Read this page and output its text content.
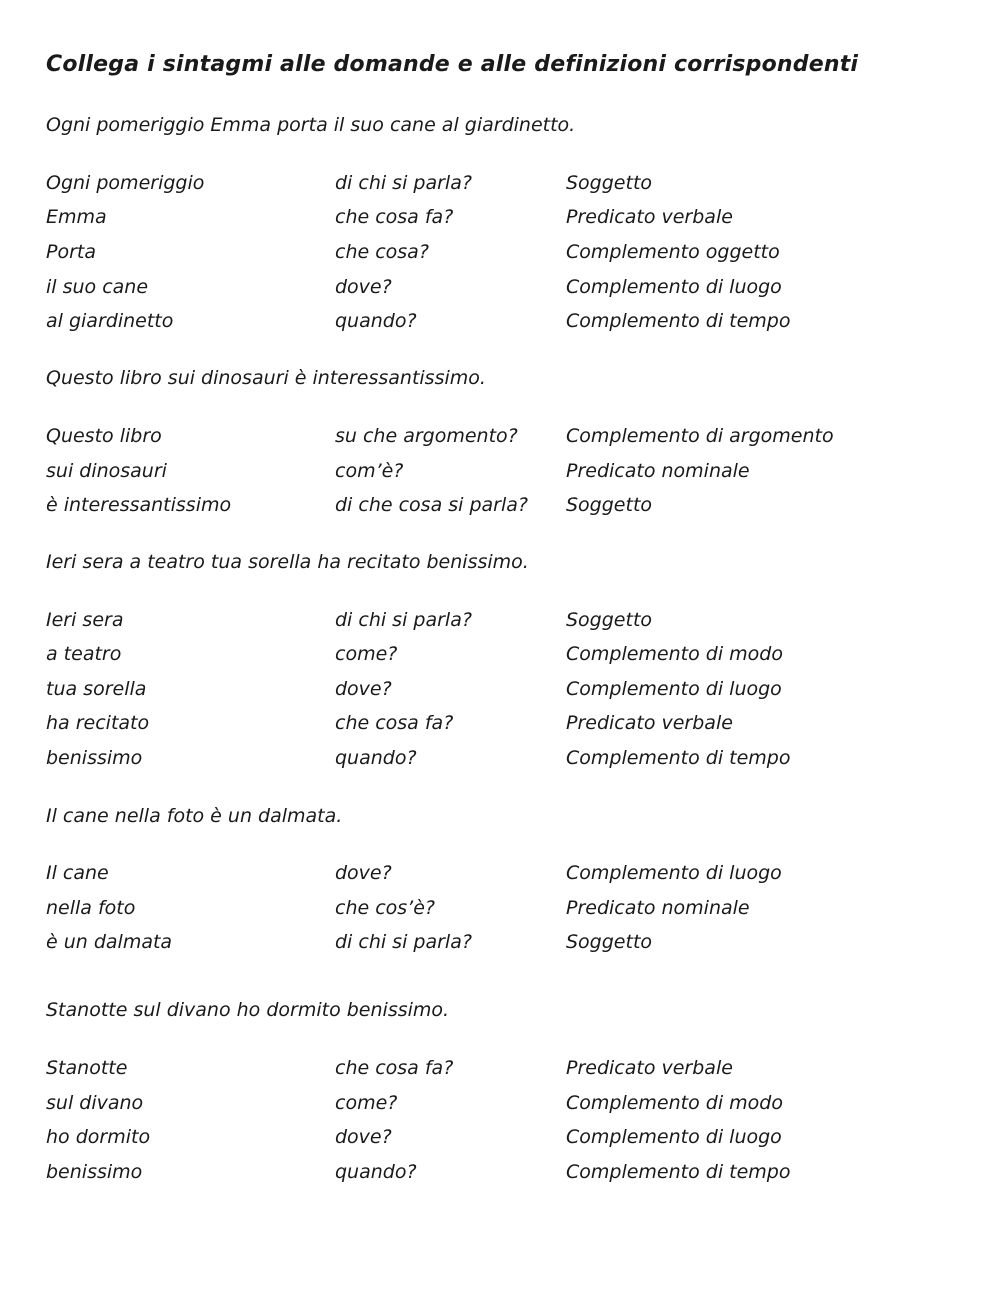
Collega i sintagmi alle domande e alle definizioni corrispondenti
Ogni pomeriggio Emma porta il suo cane al giardinetto.
Ogni pomeriggio	di chi si parla?	Soggetto
Emma	che cosa fa?	Predicato verbale
Porta	che cosa?	Complemento oggetto
il suo cane	dove?	Complemento di luogo
al giardinetto	quando?	Complemento di tempo
Questo libro sui dinosauri è interessantissimo.
Questo libro	su che argomento?	Complemento di argomento
sui dinosauri	com’è?	Predicato nominale
è interessantissimo	di che cosa si parla? Soggetto
Ieri sera a teatro tua sorella ha recitato benissimo.
Ieri sera	di chi si parla?	Soggetto
a teatro	come?	Complemento di modo
tua sorella	dove?	Complemento di luogo
ha recitato	che cosa fa?	Predicato verbale
benissimo	quando?	Complemento di tempo
Il cane nella foto è un dalmata.
Il cane	dove?	Complemento di luogo
nella foto	che cos’è?	Predicato nominale
è un dalmata	di chi si parla?	Soggetto
Stanotte sul divano ho dormito benissimo.
Stanotte	che cosa fa?	Predicato verbale
sul divano	come?	Complemento di modo
ho dormito	dove?	Complemento di luogo
benissimo	quando?	Complemento di tempo
